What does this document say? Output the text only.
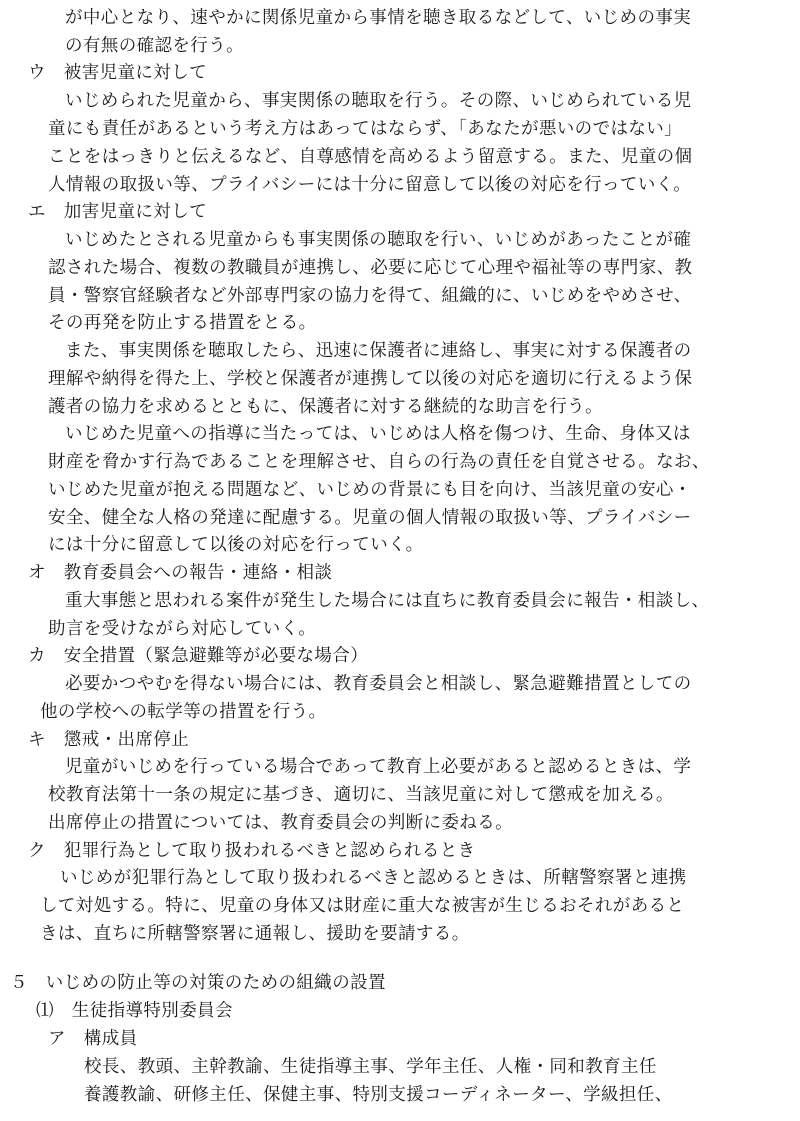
が中心となり、速やかに関係児童から事情を聴き取るなどして、いじめの事実
の有無の確認を行う。
ウ　被害児童に対して
いじめられた児童から、事実関係の聴取を行う。その際、いじめられている児
童にも責任があるという考え方はあってはならず、「あなたが悪いのではない」
ことをはっきりと伝えるなど、自尊感情を高めるよう留意する。また、児童の個
人情報の取扱い等、プライバシーには十分に留意して以後の対応を行っていく。
エ　加害児童に対して
いじめたとされる児童からも事実関係の聴取を行い、いじめがあったことが確
認された場合、複数の教職員が連携し、必要に応じて心理や福祉等の専門家、教
員・警察官経験者など外部専門家の協力を得て、組織的に、いじめをやめさせ、
その再発を防止する措置をとる。
また、事実関係を聴取したら、迅速に保護者に連絡し、事実に対する保護者の
理解や納得を得た上、学校と保護者が連携して以後の対応を適切に行えるよう保
護者の協力を求めるとともに、保護者に対する継続的な助言を行う。
いじめた児童への指導に当たっては、いじめは人格を傷つけ、生命、身体又は
財産を脅かす行為であることを理解させ、自らの行為の責任を自覚させる。なお、
いじめた児童が抱える問題など、いじめの背景にも目を向け、当該児童の安心・
安全、健全な人格の発達に配慮する。児童の個人情報の取扱い等、プライバシー
には十分に留意して以後の対応を行っていく。
オ　教育委員会への報告・連絡・相談
重大事態と思われる案件が発生した場合には直ちに教育委員会に報告・相談し、
助言を受けながら対応していく。
カ　安全措置（緊急避難等が必要な場合）
必要かつやむを得ない場合には、教育委員会と相談し、緊急避難措置としての
他の学校への転学等の措置を行う。
キ　懲戒・出席停止
児童がいじめを行っている場合であって教育上必要があると認めるときは、学
校教育法第十一条の規定に基づき、適切に、当該児童に対して懲戒を加える。
出席停止の措置については、教育委員会の判断に委ねる。
ク　犯罪行為として取り扱われるべきと認められるとき
いじめが犯罪行為として取り扱われるべきと認めるときは、所轄警察署と連携
して対処する。特に、児童の身体又は財産に重大な被害が生じるおそれがあると
きは、直ちに所轄警察署に通報し、援助を要請する。
５　いじめの防止等の対策のための組織の設置
⑴　生徒指導特別委員会
ア　構成員
校長、教頭、主幹教諭、生徒指導主事、学年主任、人権・同和教育主任
養護教諭、研修主任、保健主事、特別支援コーディネーター、学級担任、
